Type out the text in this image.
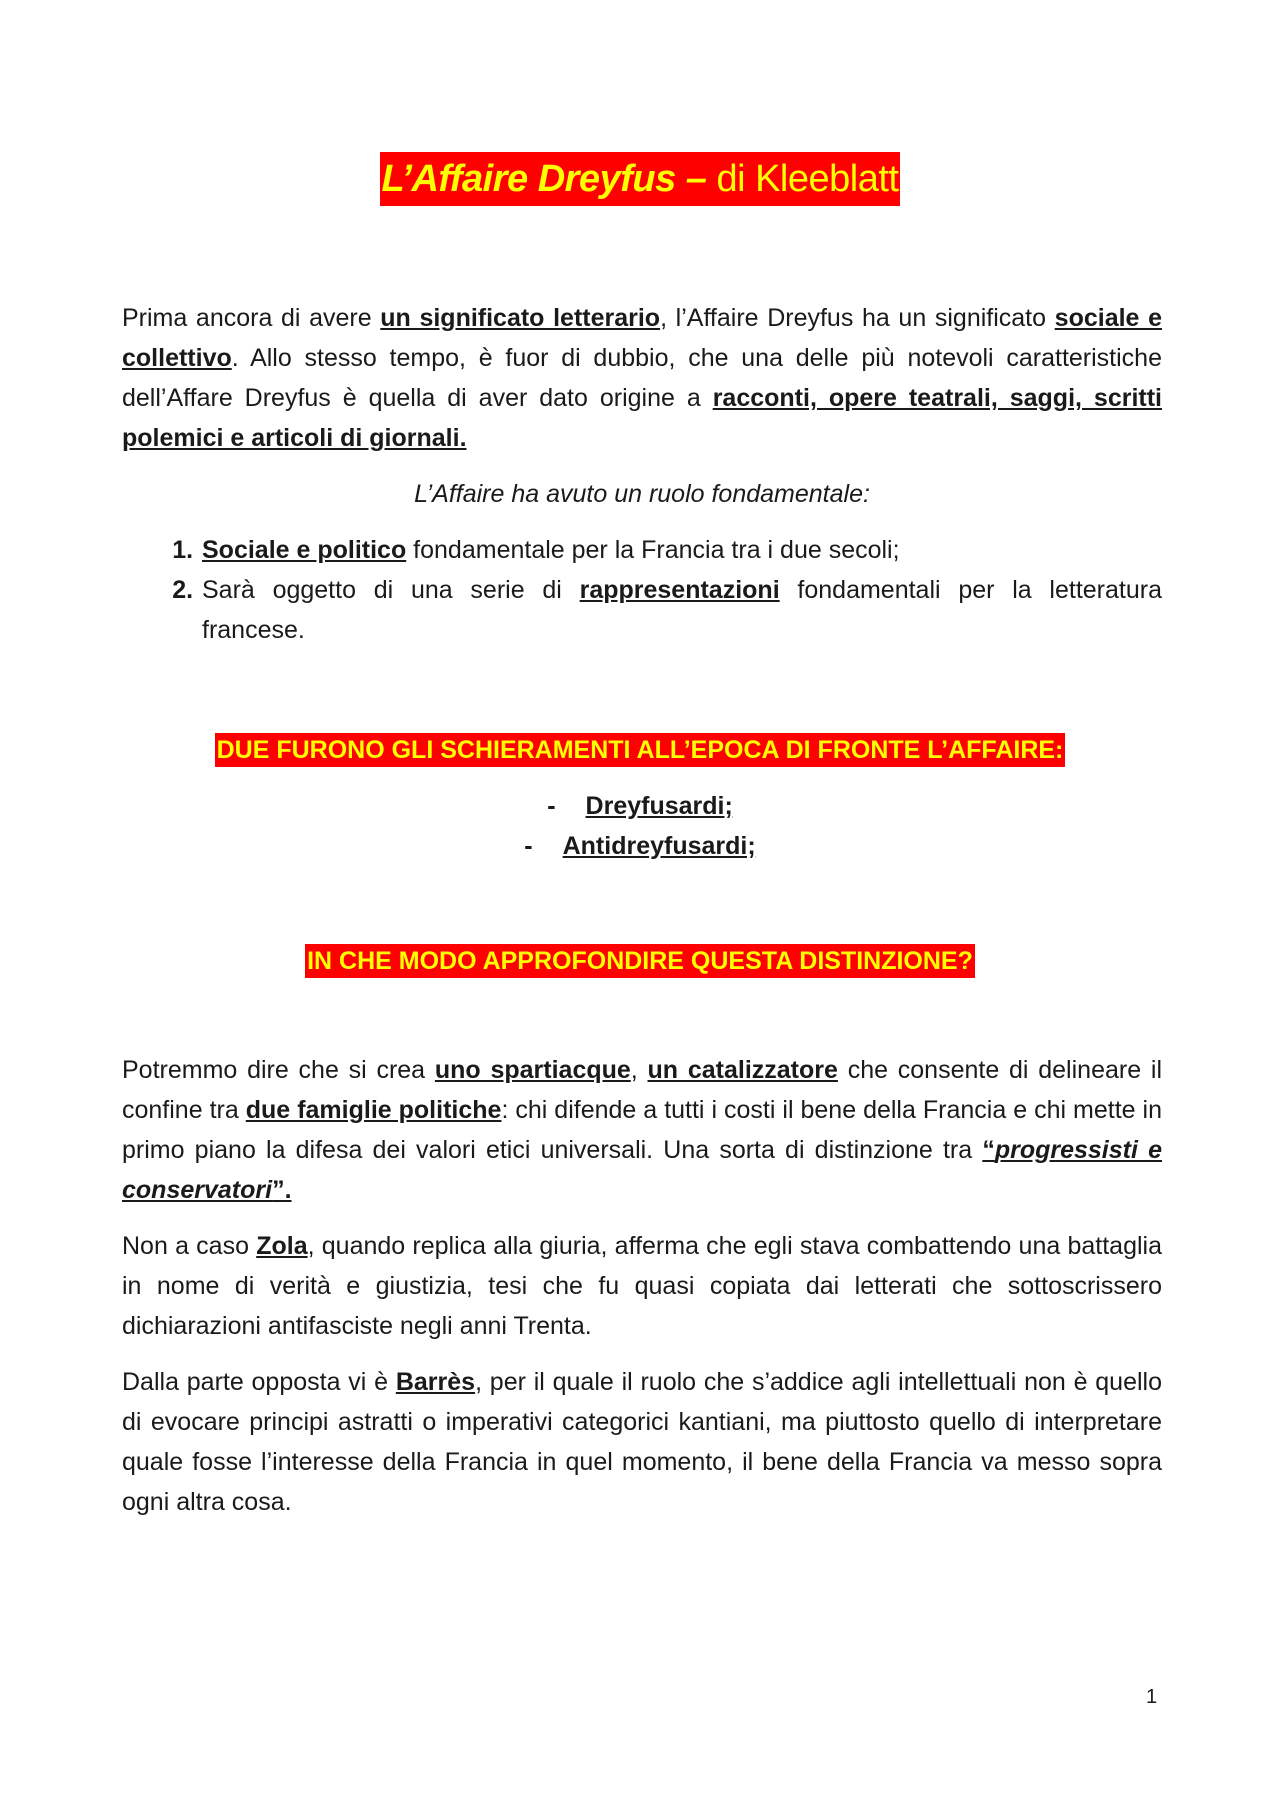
L’Affaire Dreyfus – di Kleeblatt

Prima ancora di avere un significato letterario, l’Affaire Dreyfus ha un significato sociale e collettivo. Allo stesso tempo, è fuor di dubbio, che una delle più notevoli caratteristiche dell’Affare Dreyfus è quella di aver dato origine a racconti, opere teatrali, saggi, scritti polemici e articoli di giornali.

L’Affaire ha avuto un ruolo fondamentale:

1. Sociale e politico fondamentale per la Francia tra i due secoli;
2. Sarà oggetto di una serie di rappresentazioni fondamentali per la letteratura francese.
DUE FURONO GLI SCHIERAMENTI ALL’EPOCA DI FRONTE L’AFFAIRE:
- Dreyfusardi;
- Antidreyfusardi;
IN CHE MODO APPROFONDIRE QUESTA DISTINZIONE?

Potremmo dire che si crea uno spartiacque, un catalizzatore che consente di delineare il confine tra due famiglie politiche: chi difende a tutti i costi il bene della Francia e chi mette in primo piano la difesa dei valori etici universali. Una sorta di distinzione tra “progressisti e conservatori”.

Non a caso Zola, quando replica alla giuria, afferma che egli stava combattendo una battaglia in nome di verità e giustizia, tesi che fu quasi copiata dai letterati che sottoscrissero dichiarazioni antifasciste negli anni Trenta.

Dalla parte opposta vi è Barrès, per il quale il ruolo che s’addice agli intellettuali non è quello di evocare principi astratti o imperativi categorici kantiani, ma piuttosto quello di interpretare quale fosse l’interesse della Francia in quel momento, il bene della Francia va messo sopra ogni altra cosa.

1
